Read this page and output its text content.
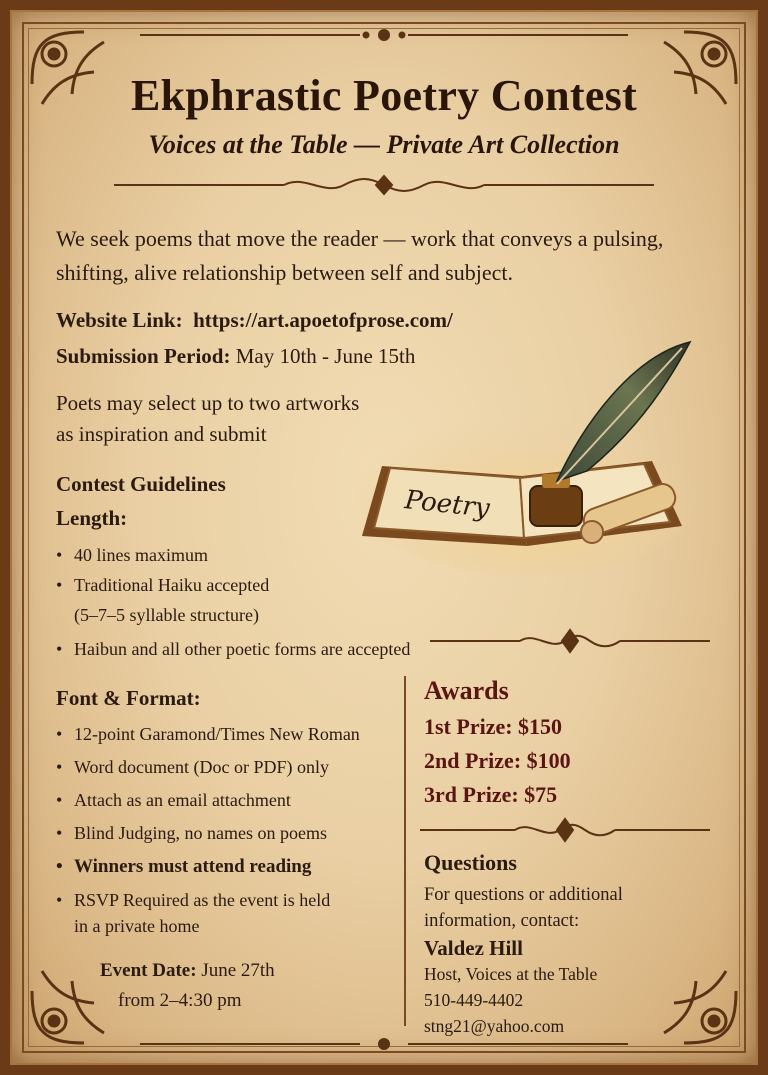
Ekphrastic Poetry Contest
Voices at the Table — Private Art Collection
We seek poems that move the reader — work that conveys a pulsing, shifting, alive relationship between self and subject.
Website Link: https://art.apoetofprose.com/
Submission Period: May 10th - June 15th
Poets may select up to two artworks
as inspiration and submit
Poetry
Contest Guidelines
Length:
• 40 lines maximum
• Traditional Haiku accepted
(5–7–5 syllable structure)
• Haibun and all other poetic forms are accepted
Font & Format:
• 12-point Garamond/Times New Roman
• Word document (Doc or PDF) only
• Attach as an email attachment
• Blind Judging, no names on poems
• Winners must attend reading
• RSVP Required as the event is held
in a private home
Event Date: June 27th
from 2–4:30 pm
Awards
1st Prize: $150
2nd Prize: $100
3rd Prize: $75
Questions
For questions or additional information, contact:
Valdez Hill
Host, Voices at the Table
510-449-4402
stng21@yahoo.com
